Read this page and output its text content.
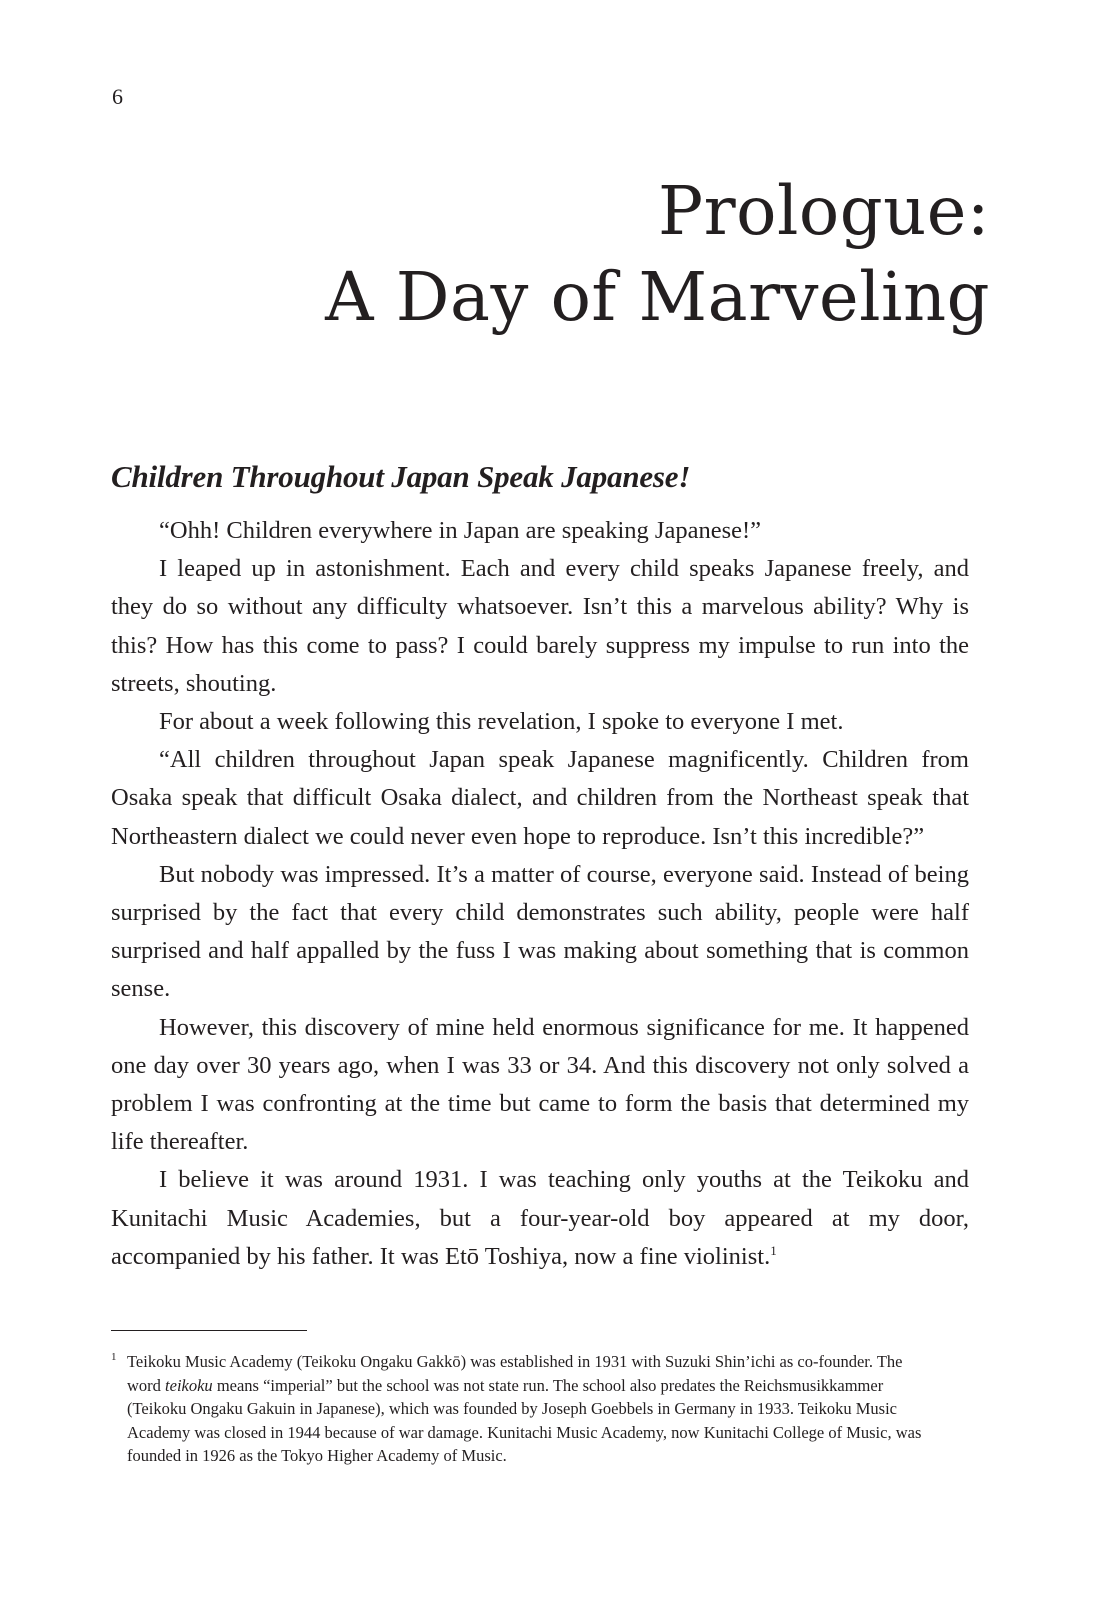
6
Prologue:
A Day of Marveling
Children Throughout Japan Speak Japanese!

“Ohh! Children everywhere in Japan are speaking Japanese!”

I leaped up in astonishment. Each and every child speaks Japanese freely, and they do so without any difficulty whatsoever. Isn’t this a marvelous ability? Why is this? How has this come to pass? I could barely suppress my impulse to run into the streets, shouting.

For about a week following this revelation, I spoke to everyone I met.

“All children throughout Japan speak Japanese magnificently. Children from Osaka speak that difficult Osaka dialect, and children from the Northeast speak that Northeastern dialect we could never even hope to reproduce. Isn’t this incredible?”

But nobody was impressed. It’s a matter of course, everyone said. Instead of being surprised by the fact that every child demonstrates such ability, people were half surprised and half appalled by the fuss I was making about something that is common sense.

However, this discovery of mine held enormous significance for me. It happened one day over 30 years ago, when I was 33 or 34. And this discovery not only solved a problem I was confronting at the time but came to form the basis that determined my life thereafter.

I believe it was around 1931. I was teaching only youths at the Teikoku and Kunitachi Music Academies, but a four-year-old boy appeared at my door, accompanied by his father. It was Etō Toshiya, now a fine violinist.$^1$

1 Teikoku Music Academy (Teikoku Ongaku Gakkō) was established in 1931 with Suzuki Shin’ichi as co-founder. The word teikoku means “imperial” but the school was not state run. The school also predates the Reichsmusikkammer (Teikoku Ongaku Gakuin in Japanese), which was founded by Joseph Goebbels in Germany in 1933. Teikoku Music Academy was closed in 1944 because of war damage. Kunitachi Music Academy, now Kunitachi College of Music, was founded in 1926 as the Tokyo Higher Academy of Music.
